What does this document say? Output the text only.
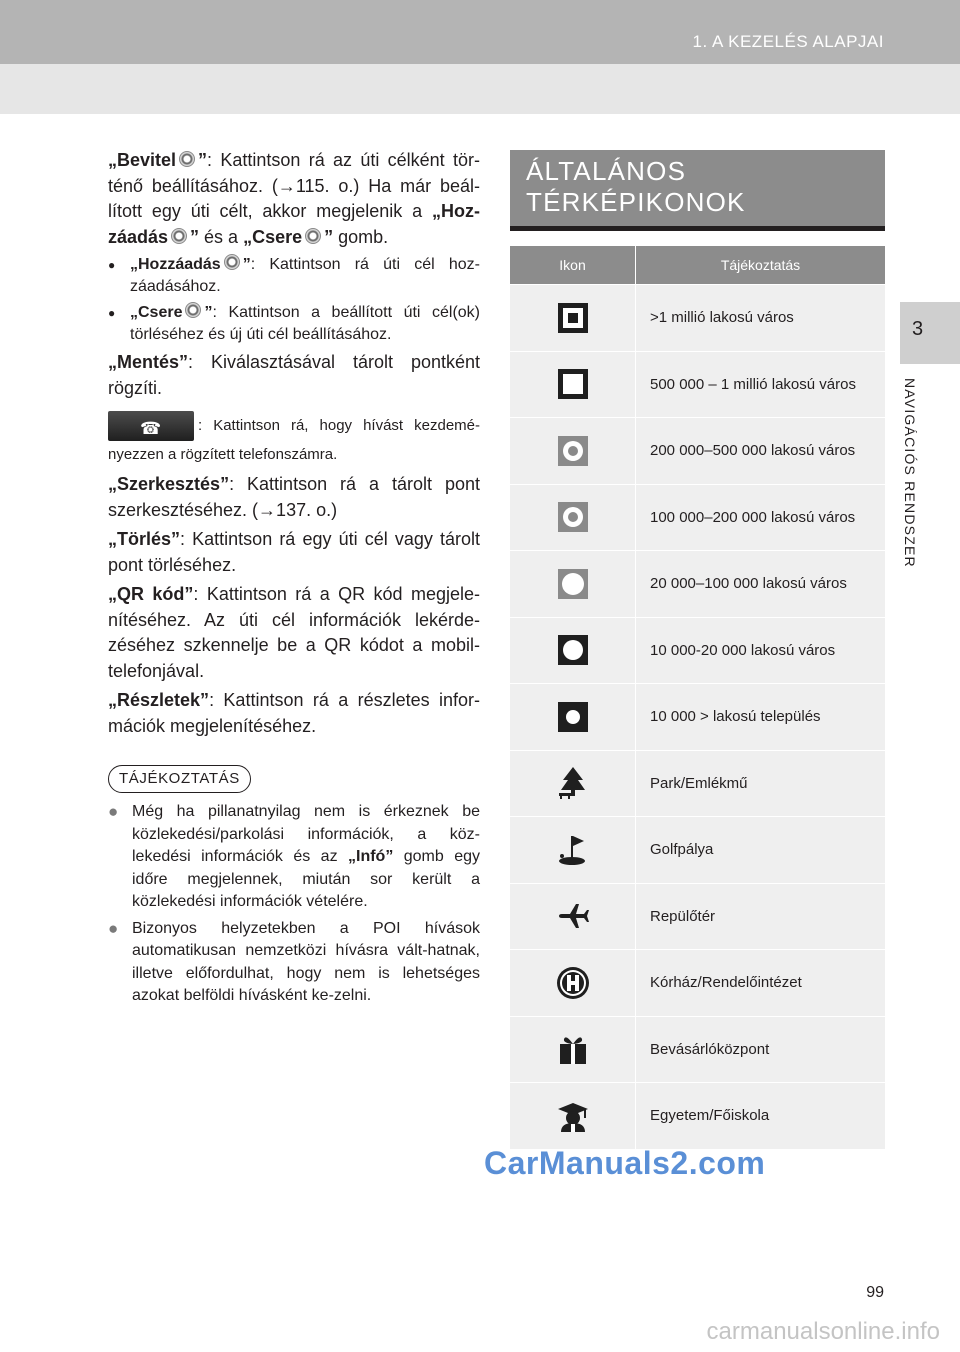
1. A KEZELÉS ALAPJAI
3
NAVIGÁCIÓS RENDSZER

„Bevitel ”: Kattintson rá az úti célként tör-ténő beállításához. (→115. o.) Ha már beál-lított egy úti célt, akkor megjelenik a „Hoz-záadás ” és a „Csere ” gomb.

● „Hozzáadás ”: Kattintson rá úti cél hoz-záadásához.
● „Csere ”: Kattintson a beállított úti cél(ok) törléséhez és új úti cél beállításához.

„Mentés”: Kiválasztásával tárolt pontként rögzíti.

☎ : Kattintson rá, hogy hívást kezdemé-nyezzen a rögzített telefonszámra.

„Szerkesztés”: Kattintson rá a tárolt pont szerkesztéséhez. (→137. o.)

„Törlés”: Kattintson rá egy úti cél vagy tárolt pont törléséhez.

„QR kód”: Kattintson rá a QR kód megjele-nítéséhez. Az úti cél információk lekérde-zéséhez szkennelje be a QR kódot a mobil-telefonjával.

„Részletek”: Kattintson rá a részletes infor-mációk megjelenítéséhez.

TÁJÉKOZTATÁS
● Még ha pillanatnyilag nem is érkeznek be közlekedési/parkolási információk, a köz-lekedési információk és az „Infó” gomb egy időre megjelennek, miután sor került a közlekedési információk vételére.
● Bizonyos helyzetekben a POI hívások automatikusan nemzetközi hívásra vált-hatnak, illetve előfordulhat, hogy nem is lehetséges azokat belföldi hívásként ke-zelni.
ÁLTALÁNOS
TÉRKÉPIKONOK
Ikon	Tájékoztatás
>1 millió lakosú város
500 000 – 1 millió lakosú város
200 000–500 000 lakosú város
100 000–200 000 lakosú város
20 000–100 000 lakosú város
10 000-20 000 lakosú város
10 000 > lakosú település
Park/Emlékmű
Golfpálya
Repülőtér
Kórház/Rendelőintézet
Bevásárlóközpont
Egyetem/Főiskola
CarManuals2.com
99
carmanualsonline.info
